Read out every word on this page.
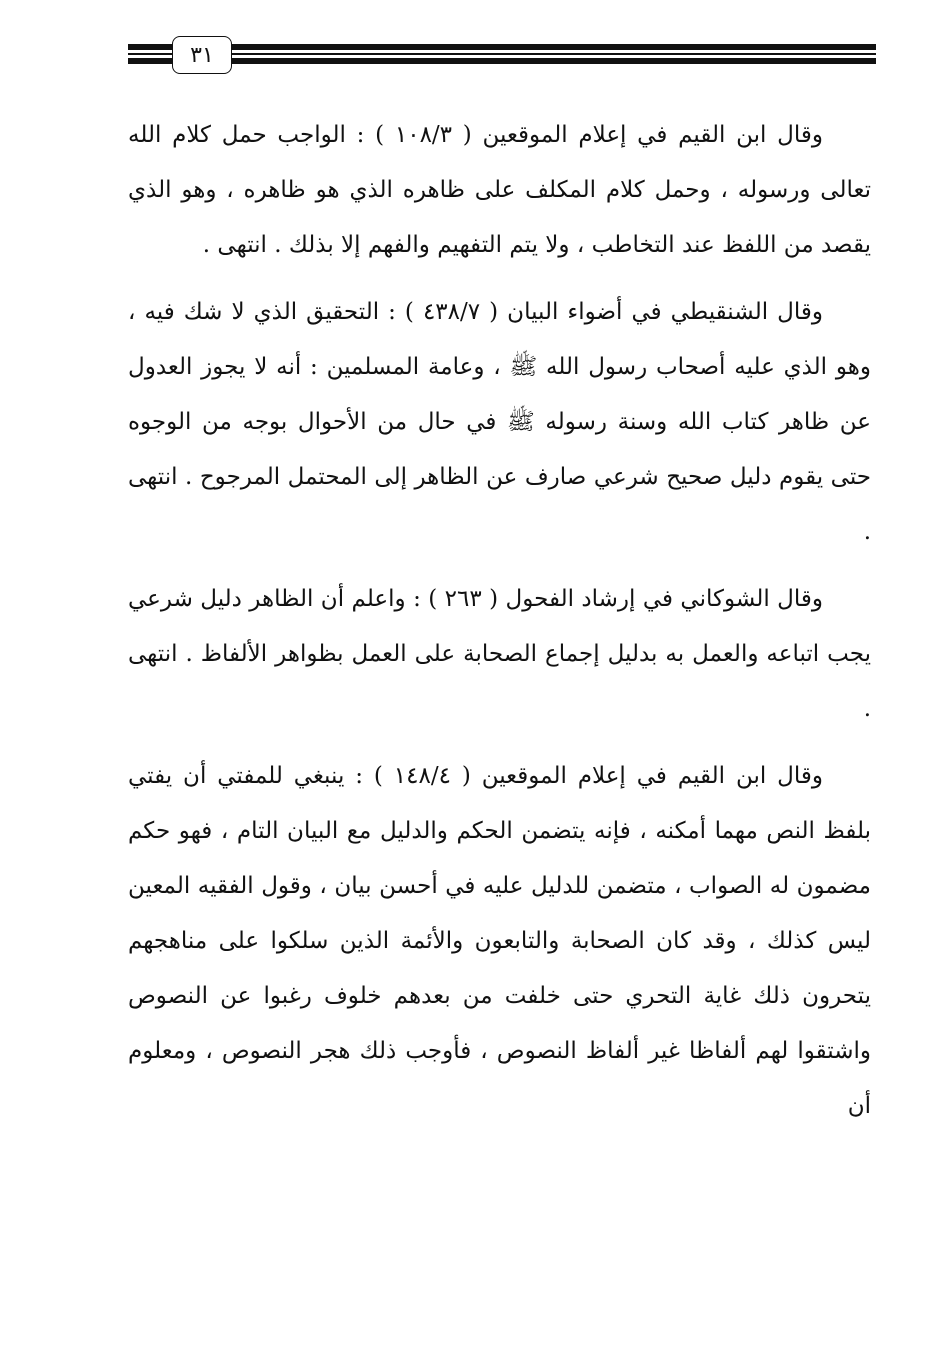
٣١

وقال ابن القيم في إعلام الموقعين ( ١٠٨/٣ ) : الواجب حمل كلام الله تعالى ورسوله ، وحمل كلام المكلف على ظاهره الذي هو ظاهره ، وهو الذي يقصد من اللفظ عند التخاطب ، ولا يتم التفهيم والفهم إلا بذلك . انتهى .

وقال الشنقيطي في أضواء البيان ( ٤٣٨/٧ ) : التحقيق الذي لا شك فيه ، وهو الذي عليه أصحاب رسول الله ﷺ ، وعامة المسلمين : أنه لا يجوز العدول عن ظاهر كتاب الله وسنة رسوله ﷺ في حال من الأحوال بوجه من الوجوه حتى يقوم دليل صحيح شرعي صارف عن الظاهر إلى المحتمل المرجوح . انتهى .

وقال الشوكاني في إرشاد الفحول ( ٢٦٣ ) : واعلم أن الظاهر دليل شرعي يجب اتباعه والعمل به بدليل إجماع الصحابة على العمل بظواهر الألفاظ . انتهى .

وقال ابن القيم في إعلام الموقعين ( ١٤٨/٤ ) : ينبغي للمفتي أن يفتي بلفظ النص مهما أمكنه ، فإنه يتضمن الحكم والدليل مع البيان التام ، فهو حكم مضمون له الصواب ، متضمن للدليل عليه في أحسن بيان ، وقول الفقيه المعين ليس كذلك ، وقد كان الصحابة والتابعون والأئمة الذين سلكوا على مناهجهم يتحرون ذلك غاية التحري حتى خلفت من بعدهم خلوف رغبوا عن النصوص واشتقوا لهم ألفاظا غير ألفاظ النصوص ، فأوجب ذلك هجر النصوص ، ومعلوم أن
